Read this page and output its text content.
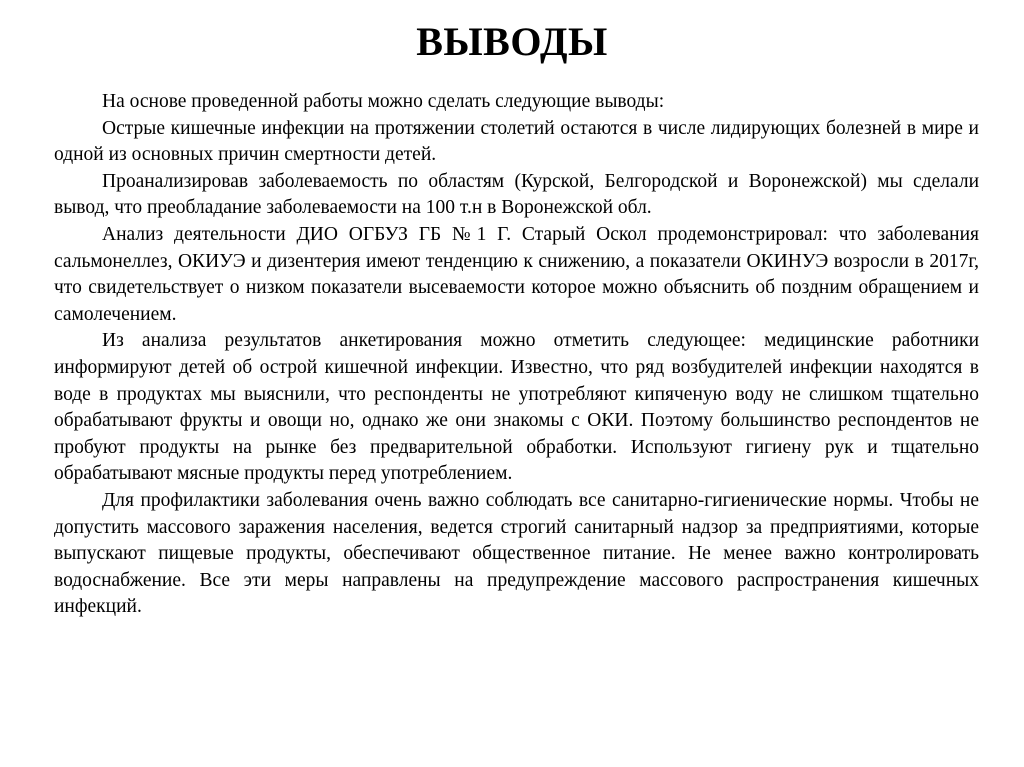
ВЫВОДЫ

На основе проведенной работы можно сделать следующие выводы:

Острые кишечные инфекции на протяжении столетий остаются в числе лидирующих болезней в мире и одной из основных причин смертности детей.

Проанализировав заболеваемость по областям (Курской, Белгородской и Воронежской) мы сделали вывод, что преобладание заболеваемости на 100 т.н в Воронежской обл.

Анализ деятельности ДИО ОГБУЗ ГБ №1 Г. Старый Оскол продемонстрировал: что заболевания сальмонеллез, ОКИУЭ и дизентерия имеют тенденцию к снижению, а показатели ОКИНУЭ возросли в 2017г, что свидетельствует о низком показатели высеваемости которое можно объяснить об поздним обращением и самолечением.

Из анализа результатов анкетирования можно отметить следующее: медицинские работники информируют детей об острой кишечной инфекции. Известно, что ряд возбудителей инфекции находятся в воде в продуктах мы выяснили, что респонденты не употребляют кипяченую воду не слишком тщательно обрабатывают фрукты и овощи но, однако же они знакомы с ОКИ. Поэтому большинство респондентов не пробуют продукты на рынке без предварительной обработки. Используют гигиену рук и тщательно обрабатывают мясные продукты перед употреблением.

Для профилактики заболевания очень важно соблюдать все санитарно-гигиенические нормы. Чтобы не допустить массового заражения населения, ведется строгий санитарный надзор за предприятиями, которые выпускают пищевые продукты, обеспечивают общественное питание. Не менее важно контролировать водоснабжение. Все эти меры направлены на предупреждение массового распространения кишечных инфекций.
